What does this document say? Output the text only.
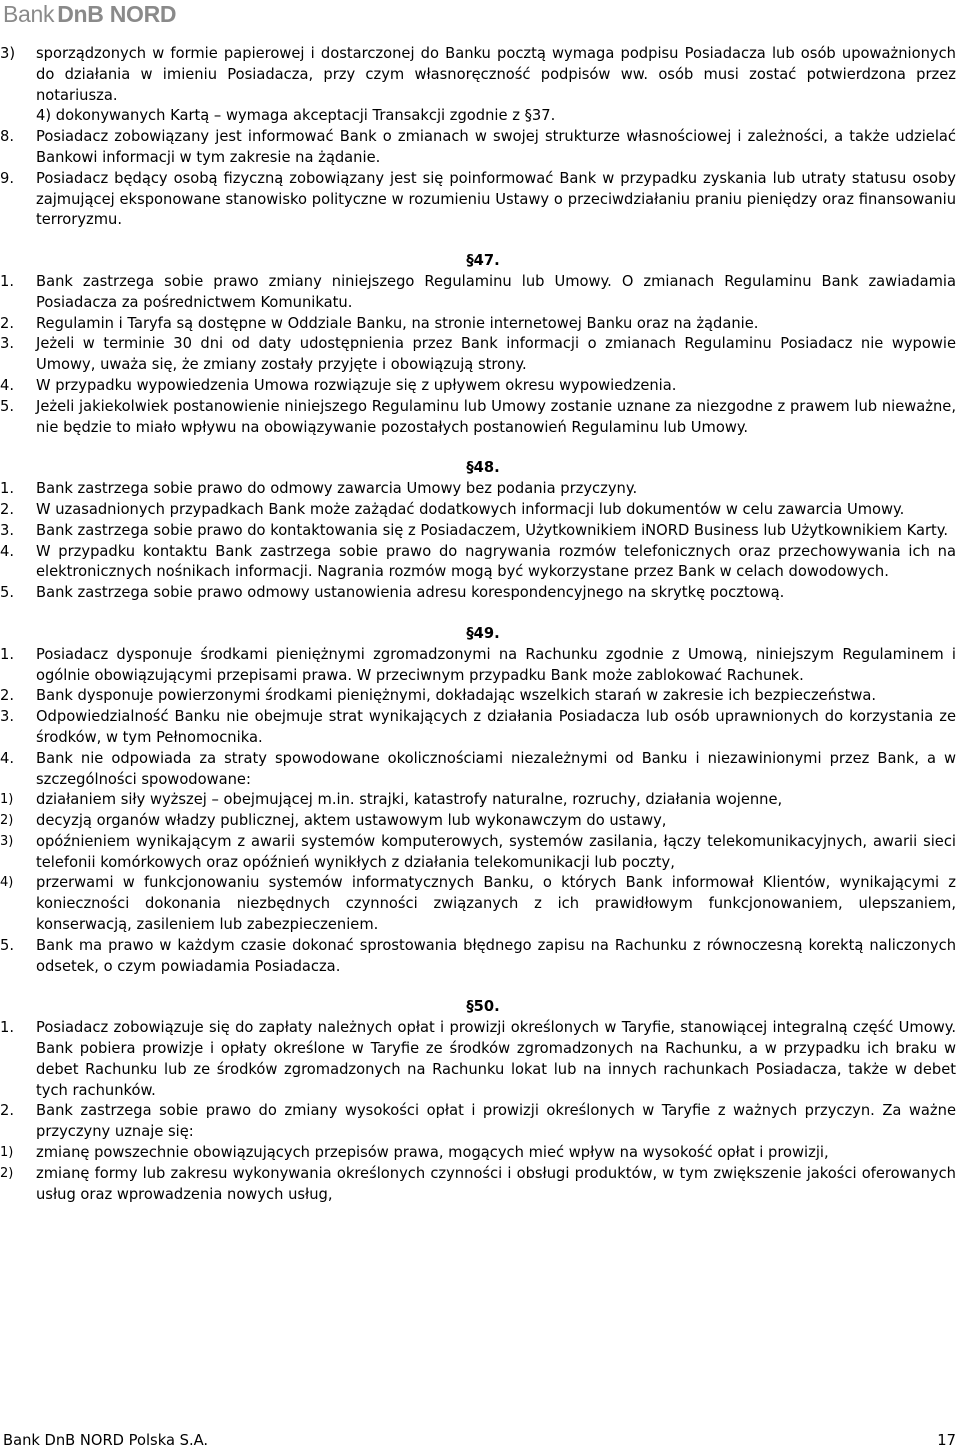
Bank DnB NORD
3)	sporządzonych w formie papierowej i dostarczonej do Banku pocztą wymaga podpisu Posiadacza lub osób upoważnionych do działania w imieniu Posiadacza, przy czym własnoręczność podpisów ww. osób musi zostać potwierdzona przez notariusza.
4) dokonywanych Kartą – wymaga akceptacji Transakcji zgodnie z §37.
8.	Posiadacz zobowiązany jest informować Bank o zmianach w swojej strukturze własnościowej i zależności, a także udzielać Bankowi informacji w tym zakresie na żądanie.
9.	Posiadacz będący osobą fizyczną zobowiązany jest się poinformować Bank w przypadku zyskania lub utraty statusu osoby zajmującej eksponowane stanowisko polityczne w rozumieniu Ustawy o przeciwdziałaniu praniu pieniędzy oraz finansowaniu terroryzmu.
§47.
1.	Bank zastrzega sobie prawo zmiany niniejszego Regulaminu lub Umowy. O zmianach Regulaminu Bank zawiadamia Posiadacza za pośrednictwem Komunikatu.
2.	Regulamin i Taryfa są dostępne w Oddziale Banku, na stronie internetowej Banku oraz na żądanie.
3.	Jeżeli w terminie 30 dni od daty udostępnienia przez Bank informacji o zmianach Regulaminu Posiadacz nie wypowie Umowy, uważa się, że zmiany zostały przyjęte i obowiązują strony.
4.	W przypadku wypowiedzenia Umowa rozwiązuje się z upływem okresu wypowiedzenia.
5.	Jeżeli jakiekolwiek postanowienie niniejszego Regulaminu lub Umowy zostanie uznane za niezgodne z prawem lub nieważne, nie będzie to miało wpływu na obowiązywanie pozostałych postanowień Regulaminu lub Umowy.
§48.
1.	Bank zastrzega sobie prawo do odmowy zawarcia Umowy bez podania przyczyny.
2.	W uzasadnionych przypadkach Bank może zażądać dodatkowych informacji lub dokumentów w celu zawarcia Umowy.
3.	Bank zastrzega sobie prawo do kontaktowania się z Posiadaczem, Użytkownikiem iNORD Business lub Użytkownikiem Karty.
4.	W przypadku kontaktu Bank zastrzega sobie prawo do nagrywania rozmów telefonicznych oraz przechowywania ich na elektronicznych nośnikach informacji. Nagrania rozmów mogą być wykorzystane przez Bank w celach dowodowych.
5.	Bank zastrzega sobie prawo odmowy ustanowienia adresu korespondencyjnego na skrytkę pocztową.
§49.
1.	Posiadacz dysponuje środkami pieniężnymi zgromadzonymi na Rachunku zgodnie z Umową, niniejszym Regulaminem i ogólnie obowiązującymi przepisami prawa. W przeciwnym przypadku Bank może zablokować Rachunek.
2.	Bank dysponuje powierzonymi środkami pieniężnymi, dokładając wszelkich starań w zakresie ich bezpieczeństwa.
3.	Odpowiedzialność Banku nie obejmuje strat wynikających z działania Posiadacza lub osób uprawnionych do korzystania ze środków, w tym Pełnomocnika.
4.	Bank nie odpowiada za straty spowodowane okolicznościami niezależnymi od Banku i niezawinionymi przez Bank, a w szczególności spowodowane:
1)	działaniem siły wyższej – obejmującej m.in. strajki, katastrofy naturalne, rozruchy, działania wojenne,
2)	decyzją organów władzy publicznej, aktem ustawowym lub wykonawczym do ustawy,
3)	opóźnieniem wynikającym z awarii systemów komputerowych, systemów zasilania, łączy telekomunikacyjnych, awarii sieci telefonii komórkowych oraz opóźnień wynikłych z działania telekomunikacji lub poczty,
4)	przerwami w funkcjonowaniu systemów informatycznych Banku, o których Bank informował Klientów, wynikającymi z konieczności dokonania niezbędnych czynności związanych z ich prawidłowym funkcjonowaniem, ulepszaniem, konserwacją, zasileniem lub zabezpieczeniem.
5.	Bank ma prawo w każdym czasie dokonać sprostowania błędnego zapisu na Rachunku z równoczesną korektą naliczonych odsetek, o czym powiadamia Posiadacza.
§50.
1.	Posiadacz zobowiązuje się do zapłaty należnych opłat i prowizji określonych w Taryfie, stanowiącej integralną część Umowy. Bank pobiera prowizje i opłaty określone w Taryfie ze środków zgromadzonych na Rachunku, a w przypadku ich braku w debet Rachunku lub ze środków zgromadzonych na Rachunku lokat lub na innych rachunkach Posiadacza, także w debet tych rachunków.
2.	Bank zastrzega sobie prawo do zmiany wysokości opłat i prowizji określonych w Taryfie z ważnych przyczyn. Za ważne przyczyny uznaje się:
1)	zmianę powszechnie obowiązujących przepisów prawa, mogących mieć wpływ na wysokość opłat i prowizji,
2)	zmianę formy lub zakresu wykonywania określonych czynności i obsługi produktów, w tym zwiększenie jakości oferowanych usług oraz wprowadzenia nowych usług,
Bank DnB NORD Polska S.A.	17
